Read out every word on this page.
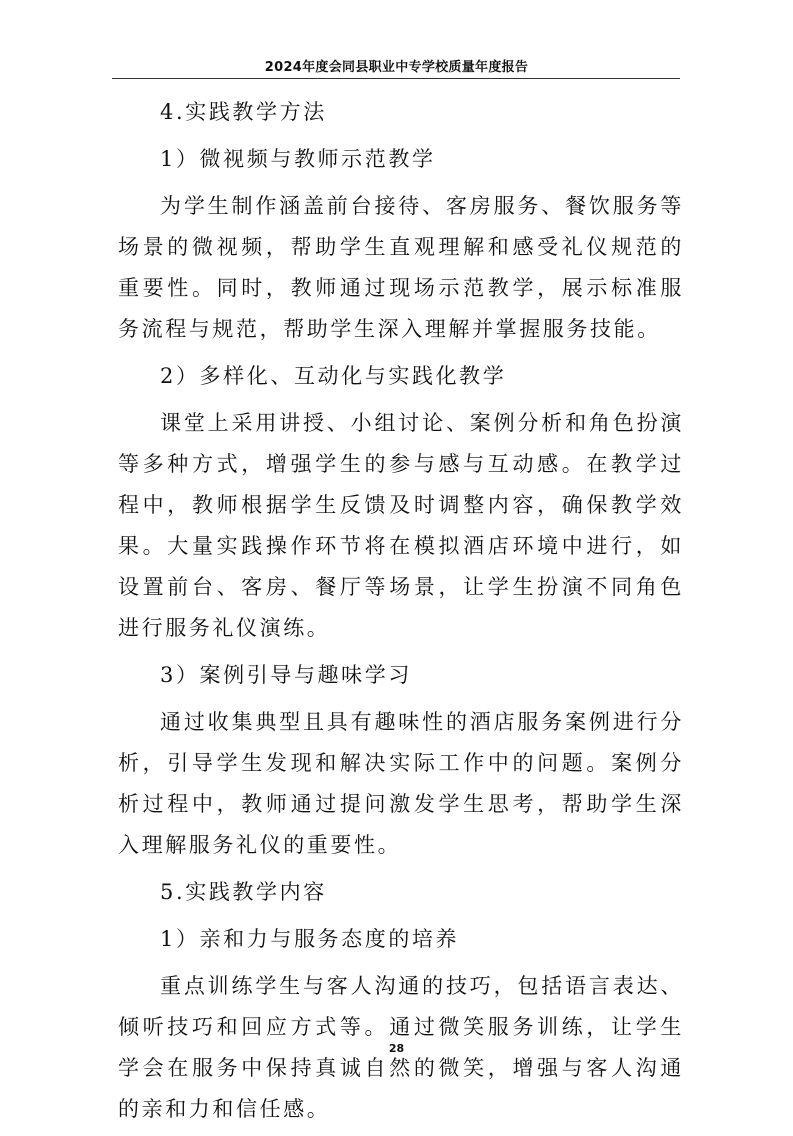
2024年度会同县职业中专学校质量年度报告

4.实践教学方法

1）微视频与教师示范教学

为学生制作涵盖前台接待、客房服务、餐饮服务等场景的微视频，帮助学生直观理解和感受礼仪规范的重要性。同时，教师通过现场示范教学，展示标准服务流程与规范，帮助学生深入理解并掌握服务技能。

2）多样化、互动化与实践化教学

课堂上采用讲授、小组讨论、案例分析和角色扮演等多种方式，增强学生的参与感与互动感。在教学过程中，教师根据学生反馈及时调整内容，确保教学效果。大量实践操作环节将在模拟酒店环境中进行，如设置前台、客房、餐厅等场景，让学生扮演不同角色进行服务礼仪演练。

3）案例引导与趣味学习

通过收集典型且具有趣味性的酒店服务案例进行分析，引导学生发现和解决实际工作中的问题。案例分析过程中，教师通过提问激发学生思考，帮助学生深入理解服务礼仪的重要性。

5.实践教学内容

1）亲和力与服务态度的培养

重点训练学生与客人沟通的技巧，包括语言表达、倾听技巧和回应方式等。通过微笑服务训练，让学生学会在服务中保持真诚自然的微笑，增强与客人沟通的亲和力和信任感。

28
